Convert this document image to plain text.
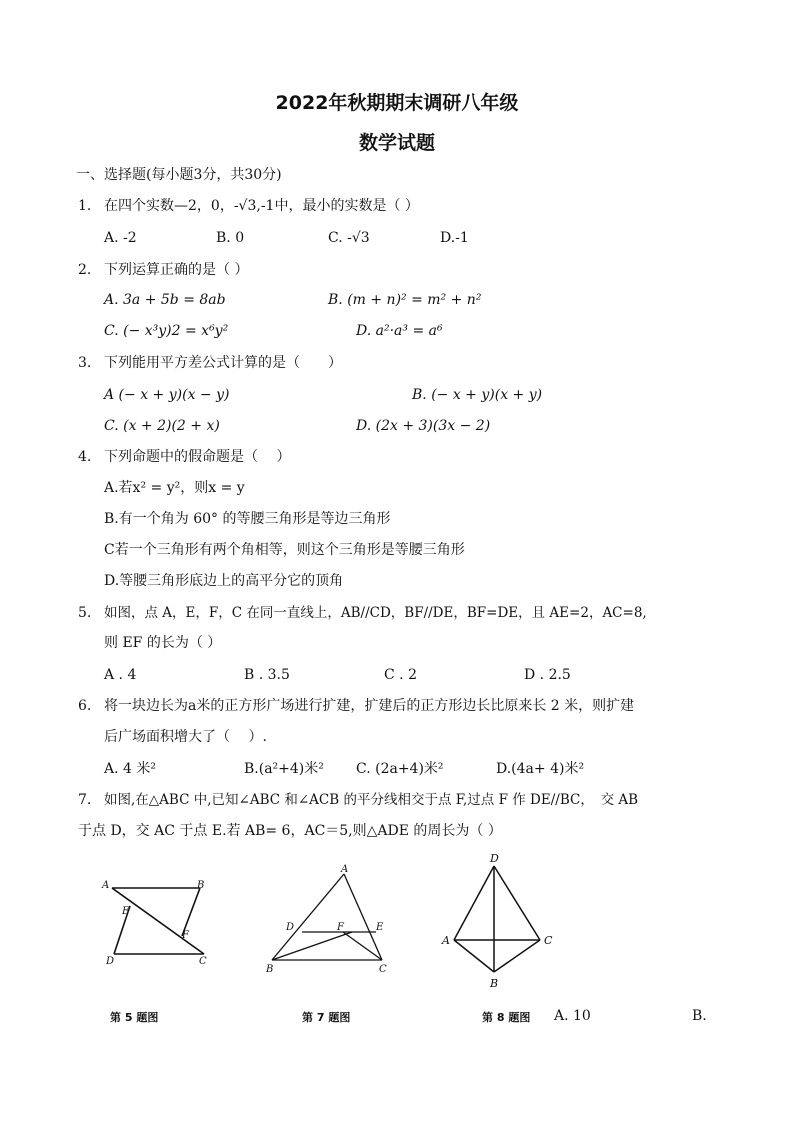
2022年秋期期末调研八年级
数学试题
一、选择题(每小题3分，共30分)
1. 在四个实数—2，0，-√3,-1中，最小的实数是（ ）
A. -2	B. 0	C. -√3	D.-1
2. 下列运算正确的是（ ）
A. 3a + 5b = 8ab	B. (m + n)² = m² + n²
C. (− x³y)2 = x⁶y²	D. a²·a³ = a⁶
3. 下列能用平方差公式计算的是（　　）
A (− x + y)(x − y)	B. (− x + y)(x + y)
C. (x + 2)(2 + x)	D. (2x + 3)(3x − 2)
4. 下列命题中的假命题是（　 ）
A.若x² = y²，则x = y
B.有一个角为 60° 的等腰三角形是等边三角形
C若一个三角形有两个角相等，则这个三角形是等腰三角形
D.等腰三角形底边上的高平分它的顶角
5. 如图，点 A，E，F，C 在同一直线上，AB//CD，BF//DE，BF=DE，且 AE=2，AC=8,
则 EF 的长为（ ）
A . 4	B . 3.5	C . 2	D . 2.5
6. 将一块边长为a米的正方形广场进行扩建，扩建后的正方形边长比原来长 2 米，则扩建
后广场面积增大了（　 ）.
A. 4 米²	B.(a²+4)米² C. (2a+4)米²	D.(4a+ 4)米²
7. 如图,在△ABC 中,已知∠ABC 和∠ACB 的平分线相交于点 F,过点 F 作 DE//BC，　交 AB
于点 D，交 AC 于点 E.若 AB= 6，AC＝5,则△ADE 的周长为（ ）
A	B
E
F
D	C
A
D	F	E
B	C
D
A	C
B
第 5 题图	第 7 题图	第 8 题图 A. 10	B.
